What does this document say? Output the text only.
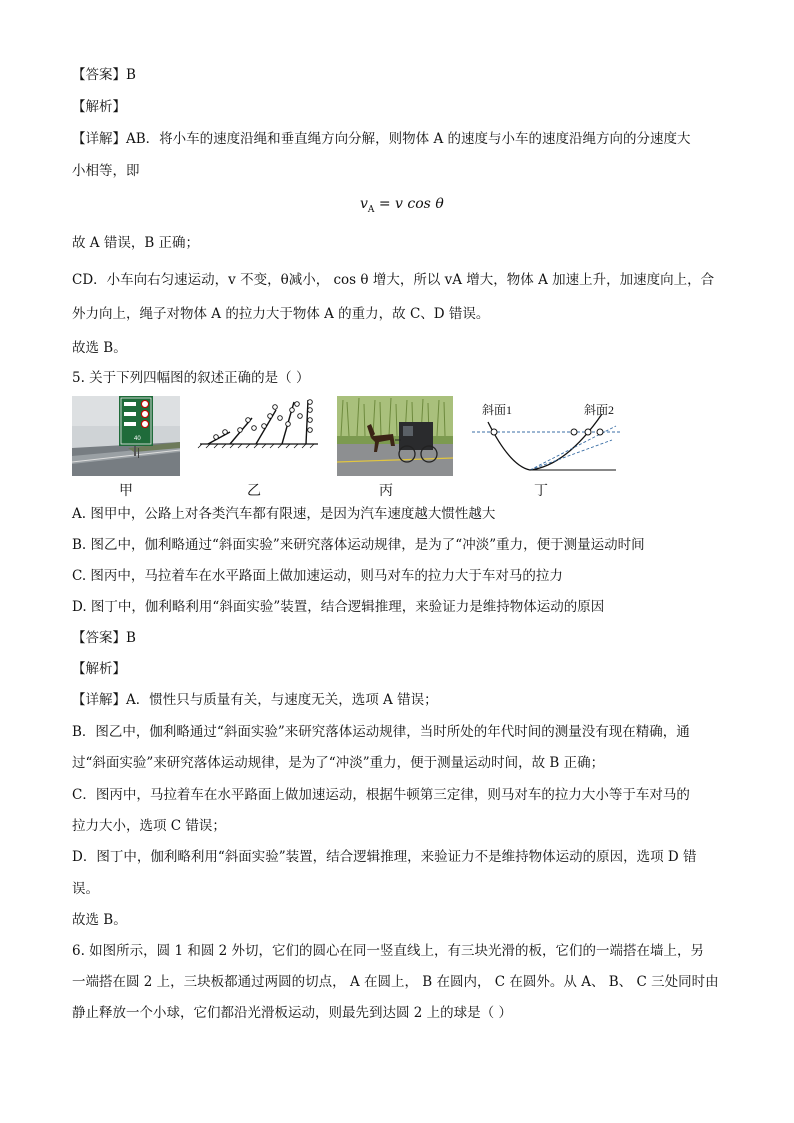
【答案】B
【解析】
【详解】AB．将小车的速度沿绳和垂直绳方向分解，则物体 A 的速度与小车的速度沿绳方向的分速度大
小相等，即
$v_A = v$ cos θ
故 A 错误，B 正确；
CD．小车向右匀速运动，v 不变，θ减小， cos θ 增大，所以 vA 增大，物体 A 加速上升，加速度向上，合
外力向上，绳子对物体 A 的拉力大于物体 A 的重力，故 C、D 错误。
故选 B。
5. 关于下列四幅图的叙述正确的是（ ）
40
甲	乙	丙
斜面1	斜面2
丁
A. 图甲中，公路上对各类汽车都有限速，是因为汽车速度越大惯性越大
B. 图乙中，伽利略通过“斜面实验”来研究落体运动规律，是为了“冲淡”重力，便于测量运动时间
C. 图丙中，马拉着车在水平路面上做加速运动，则马对车的拉力大于车对马的拉力
D. 图丁中，伽利略利用“斜面实验”装置，结合逻辑推理，来验证力是维持物体运动的原因
【答案】B
【解析】
【详解】A．惯性只与质量有关，与速度无关，选项 A 错误；
B．图乙中，伽利略通过“斜面实验”来研究落体运动规律，当时所处的年代时间的测量没有现在精确，通
过“斜面实验”来研究落体运动规律，是为了“冲淡”重力，便于测量运动时间，故 B 正确；
C．图丙中，马拉着车在水平路面上做加速运动，根据牛顿第三定律，则马对车的拉力大小等于车对马的
拉力大小，选项 C 错误；
D．图丁中，伽利略利用“斜面实验”装置，结合逻辑推理，来验证力不是维持物体运动的原因，选项 D 错
误。
故选 B。
6. 如图所示，圆 1 和圆 2 外切，它们的圆心在同一竖直线上，有三块光滑的板，它们的一端搭在墙上，另
一端搭在圆 2 上，三块板都通过两圆的切点， A 在圆上， B 在圆内， C 在圆外。从 A、 B、 C 三处同时由
静止释放一个小球，它们都沿光滑板运动，则最先到达圆 2 上的球是（ ）
